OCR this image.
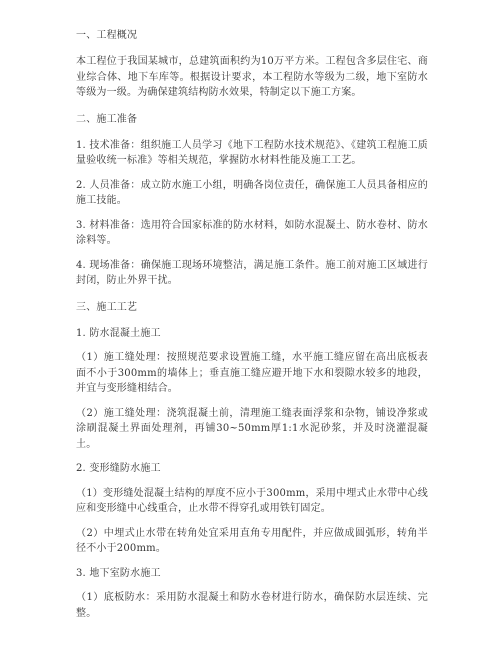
一、工程概况

本工程位于我国某城市，总建筑面积约为10万平方米。工程包含多层住宅、商业综合体、地下车库等。根据设计要求，本工程防水等级为二级，地下室防水等级为一级。为确保建筑结构防水效果，特制定以下施工方案。

二、施工准备

1. 技术准备：组织施工人员学习《地下工程防水技术规范》、《建筑工程施工质量验收统一标准》等相关规范，掌握防水材料性能及施工工艺。

2. 人员准备：成立防水施工小组，明确各岗位责任，确保施工人员具备相应的施工技能。

3. 材料准备：选用符合国家标准的防水材料，如防水混凝土、防水卷材、防水涂料等。

4. 现场准备：确保施工现场环境整洁，满足施工条件。施工前对施工区域进行封闭，防止外界干扰。

三、施工工艺

1. 防水混凝土施工

（1）施工缝处理：按照规范要求设置施工缝，水平施工缝应留在高出底板表面不小于300mm的墙体上；垂直施工缝应避开地下水和裂隙水较多的地段，并宜与变形缝相结合。

（2）施工缝处理：浇筑混凝土前，清理施工缝表面浮浆和杂物，铺设净浆或涂刷混凝土界面处理剂，再铺30~50mm厚1:1水泥砂浆，并及时浇灌混凝土。

2. 变形缝防水施工

（1）变形缝处混凝土结构的厚度不应小于300mm，采用中埋式止水带中心线应和变形缝中心线重合，止水带不得穿孔或用铁钉固定。

（2）中埋式止水带在转角处宜采用直角专用配件，并应做成圆弧形，转角半径不小于200mm。

3. 地下室防水施工

（1）底板防水：采用防水混凝土和防水卷材进行防水，确保防水层连续、完整。
